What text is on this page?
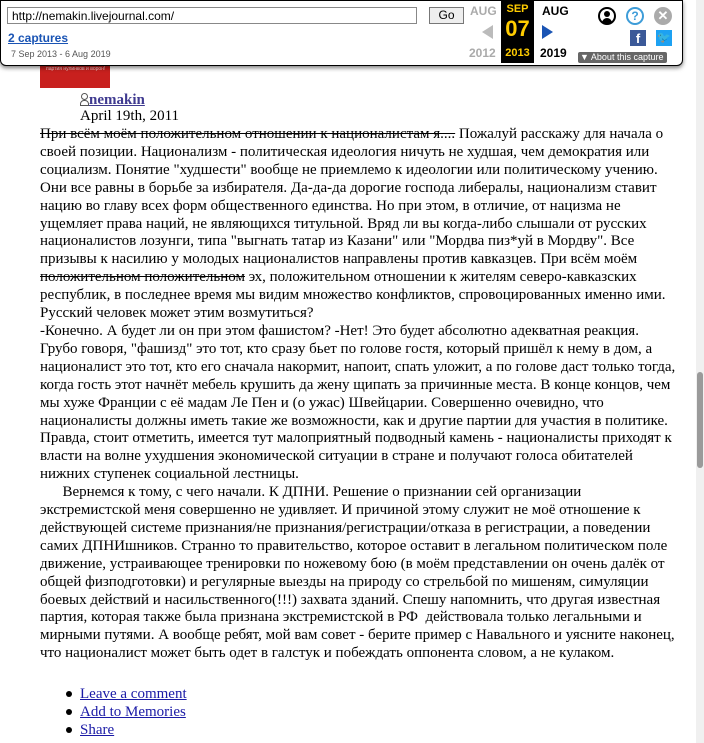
http://nemakin.livejournal.com/
Go
2 captures
7 Sep 2013 - 6 Aug 2019
AUG
2012
SEP
07
2013
AUG
2019 ▼ About this capture
?	✕
f	🐦
партия нулинков и ворон!
nemakin
April 19th, 2011

При всём моём положительном отношении к националистам я.... Пожалуй расскажу для начала о своей позиции. Национализм - политическая идеология ничуть не худшая, чем демократия или социализм. Понятие "худшести" вообще не приемлемо к идеологии или политическому учению. Они все равны в борьбе за избирателя. Да-да-да дорогие господа либералы, национализм ставит нацию во главу всех форм общественного единства. Но при этом, в отличие, от нацизма не ущемляет права наций, не являющихся титульной. Вряд ли вы когда-либо слышали от русских националистов лозунги, типа "выгнать татар из Казани" или "Мордва пиз*уй в Мордву". Все призывы к насилию у молодых националистов направлены против кавказцев. При всём моём положительном положительном эх, положительном отношении к жителям северо-кавказских республик, в последнее время мы видим множество конфликтов, спровоцированных именно ими. Русский человек может этим возмутиться?

-Конечно. А будет ли он при этом фашистом? -Нет! Это будет абсолютно адекватная реакция. Грубо говоря, "фашизд" это тот, кто сразу бьет по голове гостя, который пришёл к нему в дом, а националист это тот, кто его сначала накормит, напоит, спать уложит, а по голове даст только тогда, когда гость этот начнёт мебель крушить да жену щипать за причинные места. В конце концов, чем мы хуже Франции с её мадам Ле Пен и (о ужас) Швейцарии. Совершенно очевидно, что националисты должны иметь такие же возможности, как и другие партии для участия в политике. Правда, стоит отметить, имеется тут малоприятный подводный камень - националисты приходят к власти на волне ухудшения экономической ситуации в стране и получают голоса обитателей нижних ступенек социальной лестницы.

Вернемся к тому, с чего начали. К ДПНИ. Решение о признании сей организации экстремистской меня совершенно не удивляет. И причиной этому служит не моё отношение к действующей системе признания/не признания/регистрации/отказа в регистрации, а поведении самих ДПНИшников. Странно то правительство, которое оставит в легальном политическом поле движение, устраивающее тренировки по ножевому бою (в моём представлении он очень далёк от общей физподготовки) и регулярные выезды на природу со стрельбой по мишеням, симуляции боевых действий и насильственного(!!!) захвата зданий. Спешу напомнить, что другая известная партия, которая также была признана экстремистской в РФ  действовала только легальными и мирными путями. А вообще ребят, мой вам совет - берите пример с Навального и уясните наконец, что националист может быть одет в галстук и побеждать оппонента словом, а не кулаком.

Leave a comment
Add to Memories
Share
